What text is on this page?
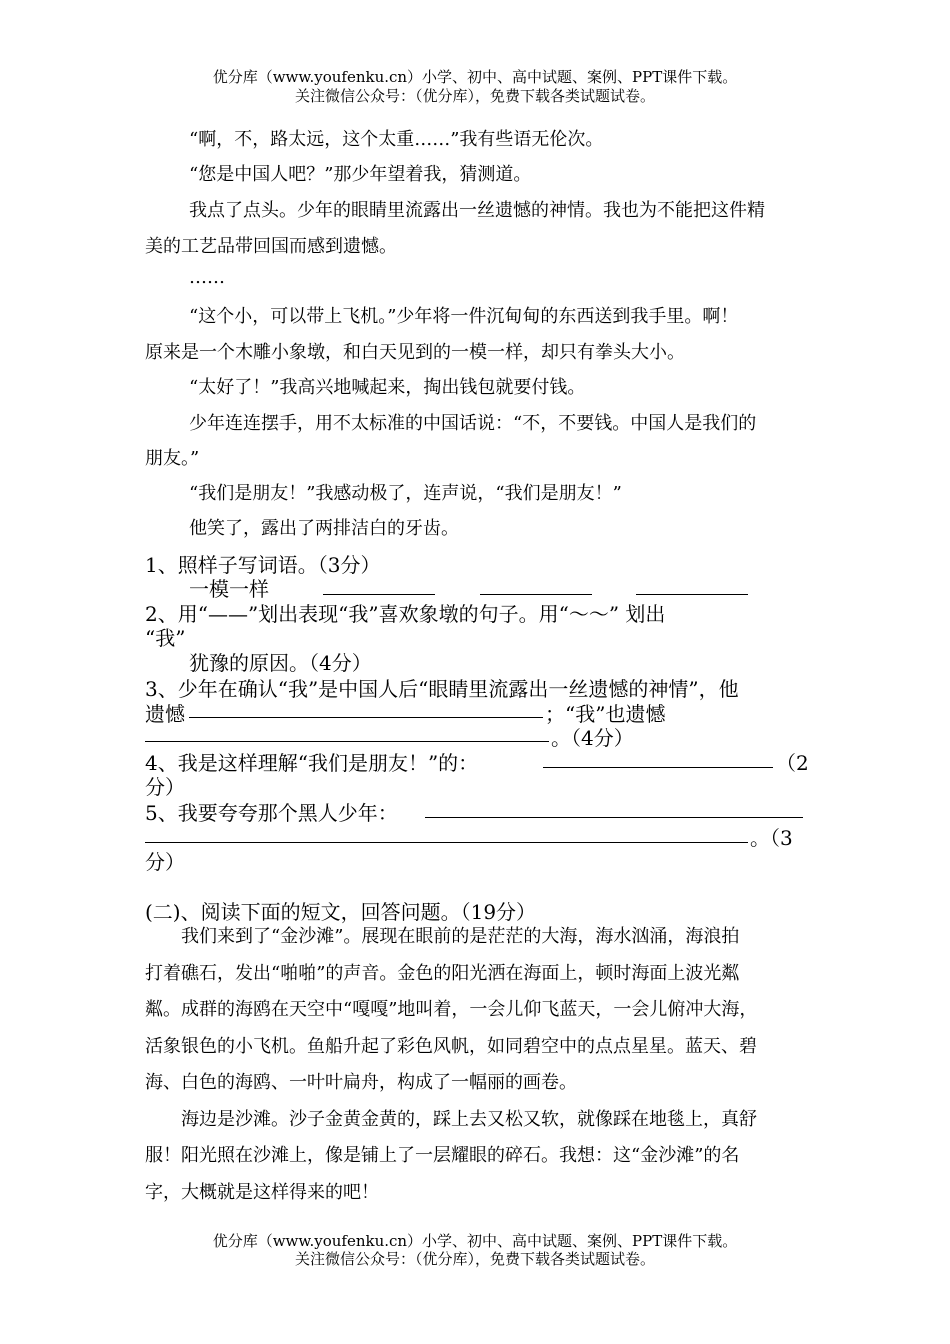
优分库（www.youfenku.cn）小学、初中、高中试题、案例、PPT课件下载。
关注微信公众号：（优分库），免费下载各类试题试卷。
“啊，不，路太远，这个太重……”我有些语无伦次。
“您是中国人吧？”那少年望着我，猜测道。
我点了点头。少年的眼睛里流露出一丝遗憾的神情。我也为不能把这件精
美的工艺品带回国而感到遗憾。
……
“这个小，可以带上飞机。”少年将一件沉甸甸的东西送到我手里。啊！
原来是一个木雕小象墩，和白天见到的一模一样，却只有拳头大小。
“太好了！”我高兴地喊起来，掏出钱包就要付钱。
少年连连摆手，用不太标准的中国话说：“不，不要钱。中国人是我们的
朋友。”
“我们是朋友！”我感动极了，连声说，“我们是朋友！”
他笑了，露出了两排洁白的牙齿。
1、照样子写词语。（3分）
一模一样
2、用“——”划出表现“我”喜欢象墩的句子。用“～～” 划出
“我”
犹豫的原因。（4分）
3、少年在确认“我”是中国人后“眼睛里流露出一丝遗憾的神情”，他
遗憾	；“我”也遗憾
。（4分）
4、我是这样理解“我们是朋友！”的：	（2
分）
5、我要夸夸那个黑人少年：
。（3
分）
(二)、阅读下面的短文，回答问题。（19分）
我们来到了“金沙滩”。展现在眼前的是茫茫的大海，海水汹涌，海浪拍
打着礁石，发出“啪啪”的声音。金色的阳光洒在海面上，顿时海面上波光粼
粼。成群的海鸥在天空中“嘎嘎”地叫着，一会儿仰飞蓝天，一会儿俯冲大海，
活象银色的小飞机。鱼船升起了彩色风帆，如同碧空中的点点星星。蓝天、碧
海、白色的海鸥、一叶叶扁舟，构成了一幅丽的画卷。
海边是沙滩。沙子金黄金黄的，踩上去又松又软，就像踩在地毯上，真舒
服！阳光照在沙滩上，像是铺上了一层耀眼的碎石。我想：这“金沙滩”的名
字，大概就是这样得来的吧！
优分库（www.youfenku.cn）小学、初中、高中试题、案例、PPT课件下载。
关注微信公众号：（优分库），免费下载各类试题试卷。
